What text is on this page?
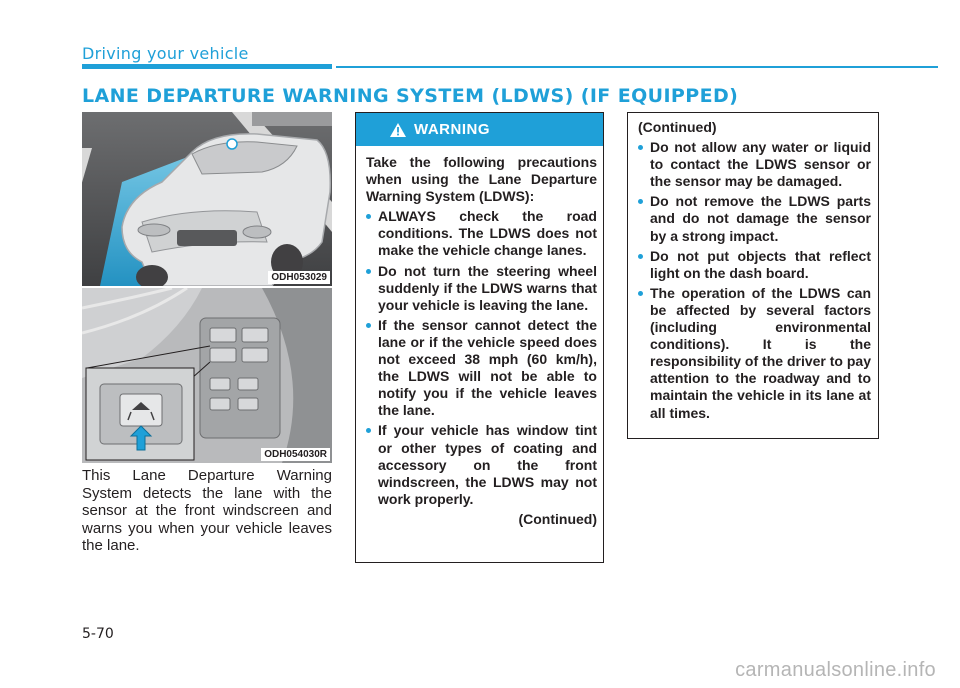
Driving your vehicle
LANE DEPARTURE WARNING SYSTEM (LDWS) (IF EQUIPPED)
ODH053029
ODH054030R
This Lane Departure Warning System detects the lane with the sensor at the front windscreen and warns you when your vehicle leaves the lane.
WARNING
Take the following precautions when using the Lane Departure Warning System (LDWS):
ALWAYS check the road conditions. The LDWS does not make the vehicle change lanes.
Do not turn the steering wheel suddenly if the LDWS warns that your vehicle is leaving the lane.
If the sensor cannot detect the lane or if the vehicle speed does not exceed 38 mph (60 km/h), the LDWS will not be able to notify you if the vehicle leaves the lane.
If your vehicle has window tint or other types of coating and accessory on the front windscreen, the LDWS may not work properly.
(Continued)
(Continued)
Do not allow any water or liquid to contact the LDWS sensor or the sensor may be damaged.
Do not remove the LDWS parts and do not damage the sensor by a strong impact.
Do not put objects that reflect light on the dash board.
The operation of the LDWS can be affected by several factors (including environmental conditions). It is the responsibility of the driver to pay attention to the roadway and to maintain the vehicle in its lane at all times.
5-70
carmanualsonline.info
